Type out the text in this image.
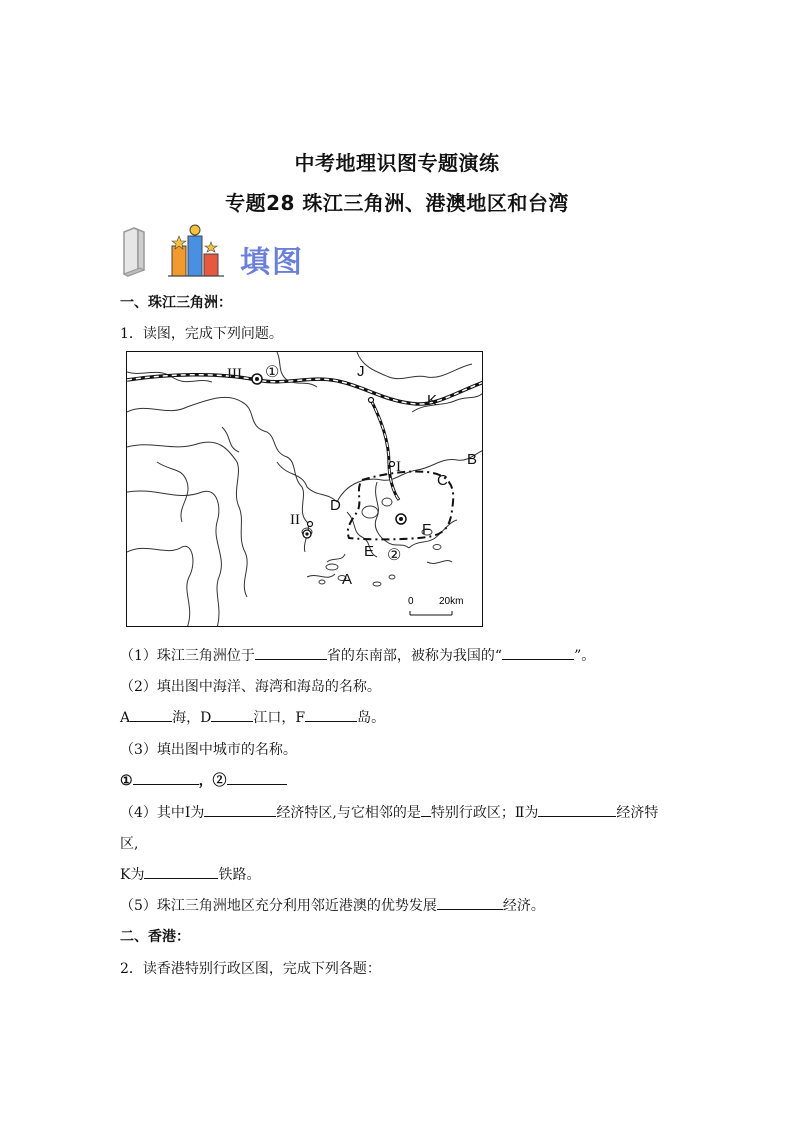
中考地理识图专题演练
专题28 珠江三角洲、港澳地区和台湾
填图
一、珠江三角洲：
1．读图，完成下列问题。
0	20km
III ①	J
K
B
I
C
D
II
F
E ②
A
（1）珠江三角洲位于	省的东南部，被称为我国的“	”。
（2）填出图中海洋、海湾和海岛的名称。
A	海，D	江口，F	岛。
（3）填出图中城市的名称。
①	，②
（4）其中Ⅰ为	经济特区,与它相邻的是 特别行政区；Ⅱ为	经济特
区,
K为	铁路。
（5）珠江三角洲地区充分利用邻近港澳的优势发展	经济。
二、香港：
2．读香港特别行政区图，完成下列各题：
